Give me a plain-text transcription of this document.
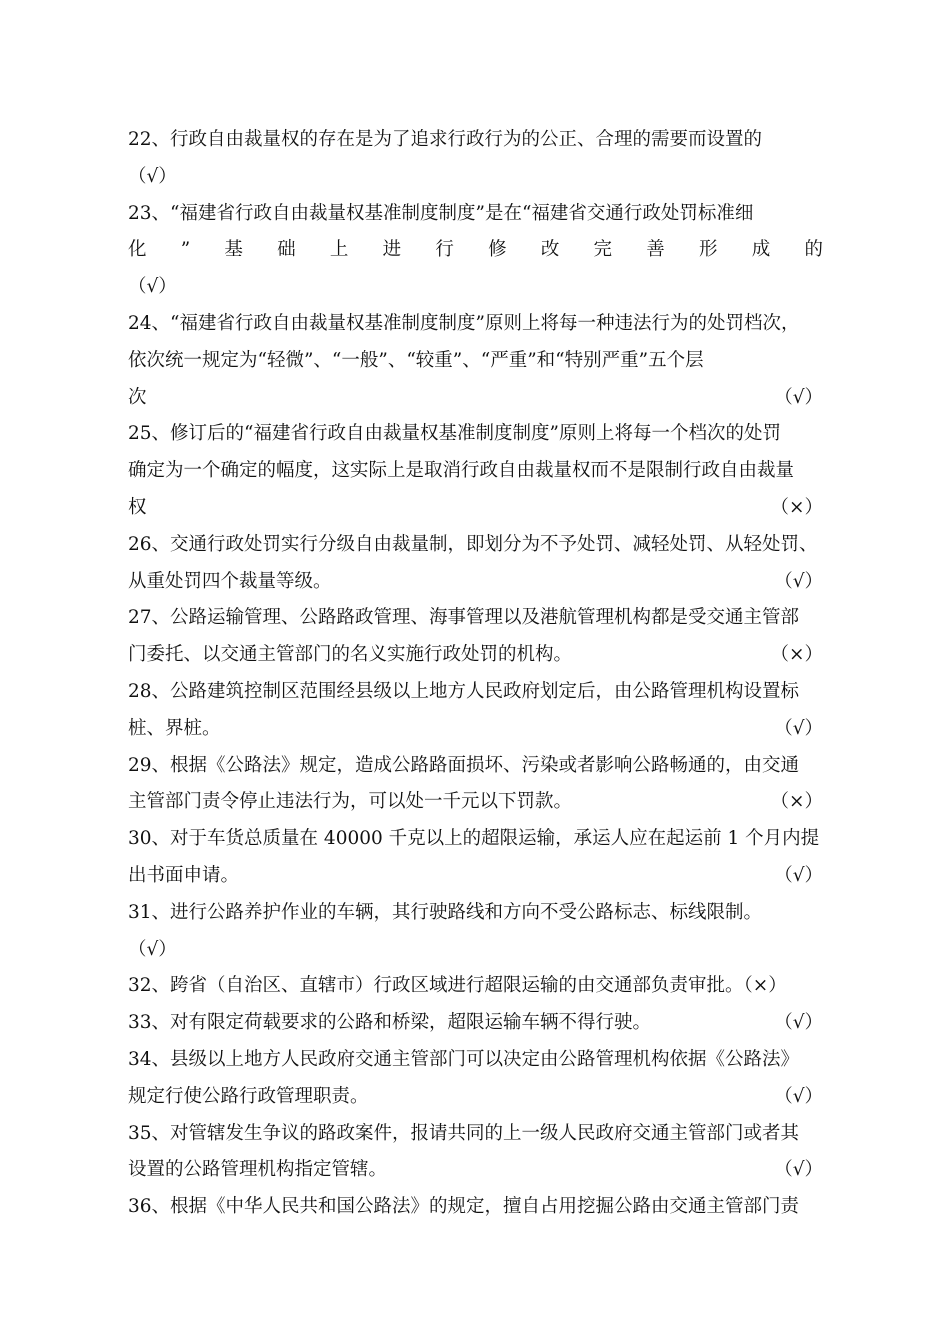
22、行政自由裁量权的存在是为了追求行政行为的公正、合理的需要而设置的
（√）
23、“福建省行政自由裁量权基准制度制度”是在“福建省交通行政处罚标准细
化　”　基　础　上　进　行　修　改　完　善　形　成　的
（√）
24、“福建省行政自由裁量权基准制度制度”原则上将每一种违法行为的处罚档次，
依次统一规定为“轻微”、“一般”、“较重”、“严重”和“特别严重”五个层
次	（√）
25、修订后的“福建省行政自由裁量权基准制度制度”原则上将每一个档次的处罚
确定为一个确定的幅度，这实际上是取消行政自由裁量权而不是限制行政自由裁量
权	（×）
26、交通行政处罚实行分级自由裁量制，即划分为不予处罚、减轻处罚、从轻处罚、
从重处罚四个裁量等级。	（√）
27、公路运输管理、公路路政管理、海事管理以及港航管理机构都是受交通主管部
门委托、以交通主管部门的名义实施行政处罚的机构。	（×）
28、公路建筑控制区范围经县级以上地方人民政府划定后，由公路管理机构设置标
桩、界桩。	（√）
29、根据《公路法》规定，造成公路路面损坏、污染或者影响公路畅通的，由交通
主管部门责令停止违法行为，可以处一千元以下罚款。	（×）
30、对于车货总质量在 40000 千克以上的超限运输，承运人应在起运前 1 个月内提
出书面申请。	（√）
31、进行公路养护作业的车辆，其行驶路线和方向不受公路标志、标线限制。
（√）
32、跨省（自治区、直辖市）行政区域进行超限运输的由交通部负责审批。（×）
33、对有限定荷载要求的公路和桥梁，超限运输车辆不得行驶。	（√）
34、县级以上地方人民政府交通主管部门可以决定由公路管理机构依据《公路法》
规定行使公路行政管理职责。	（√）
35、对管辖发生争议的路政案件，报请共同的上一级人民政府交通主管部门或者其
设置的公路管理机构指定管辖。	（√）
36、根据《中华人民共和国公路法》的规定，擅自占用挖掘公路由交通主管部门责
